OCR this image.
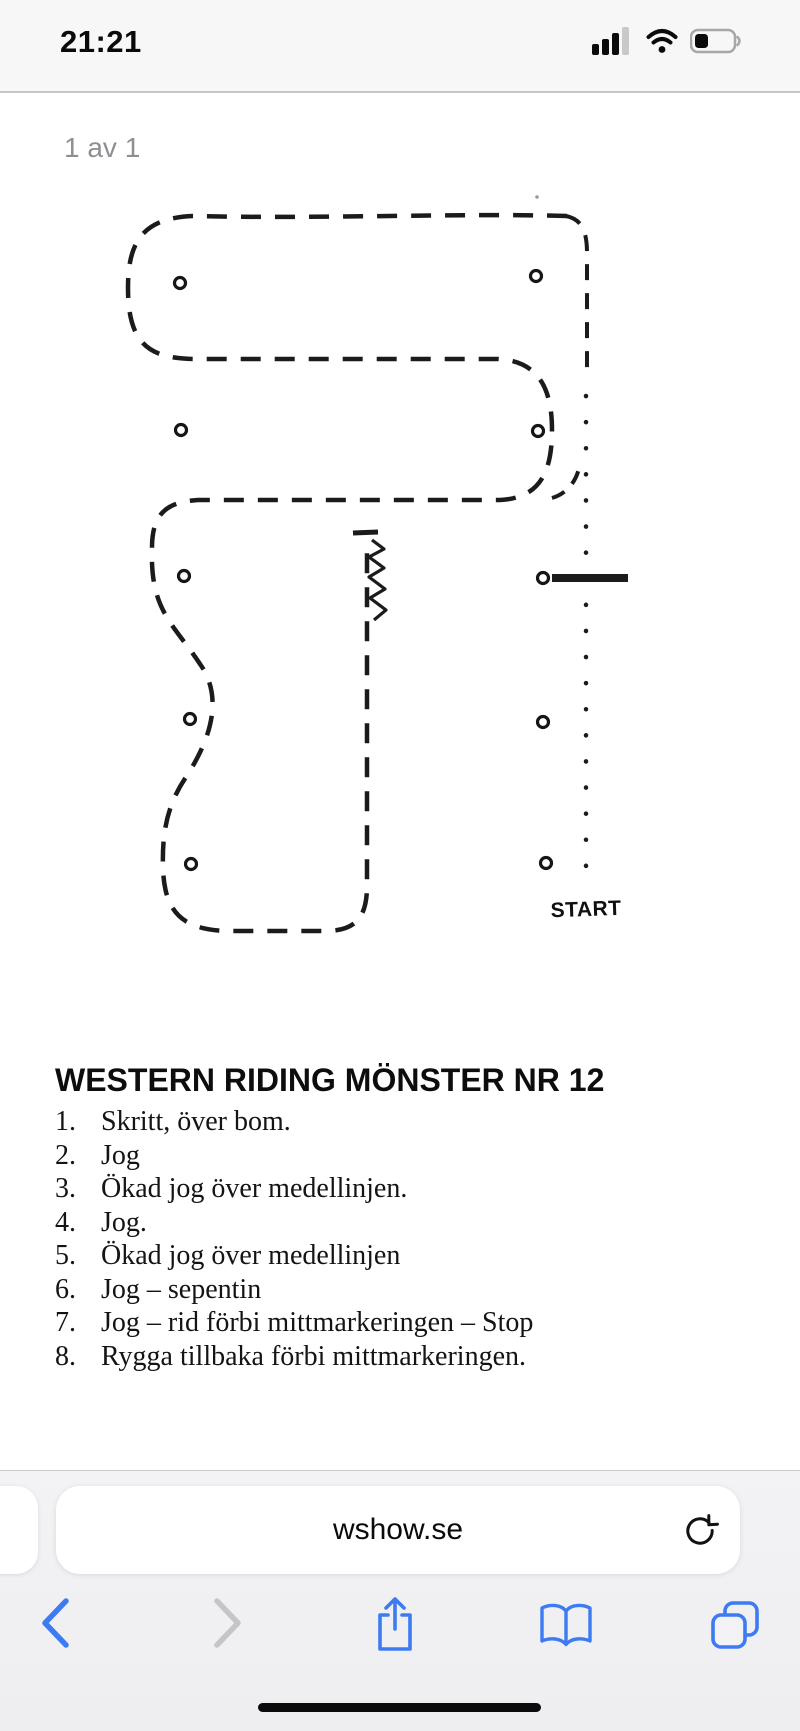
21:21
1 av 1
START
WESTERN RIDING MÖNSTER NR 12
1. Skritt, över bom.
2. Jog
3. Ökad jog över medellinjen.
4. Jog.
5. Ökad jog över medellinjen
6. Jog – sepentin
7. Jog – rid förbi mittmarkeringen – Stop
8. Rygga tillbaka förbi mittmarkeringen.
wshow.se
